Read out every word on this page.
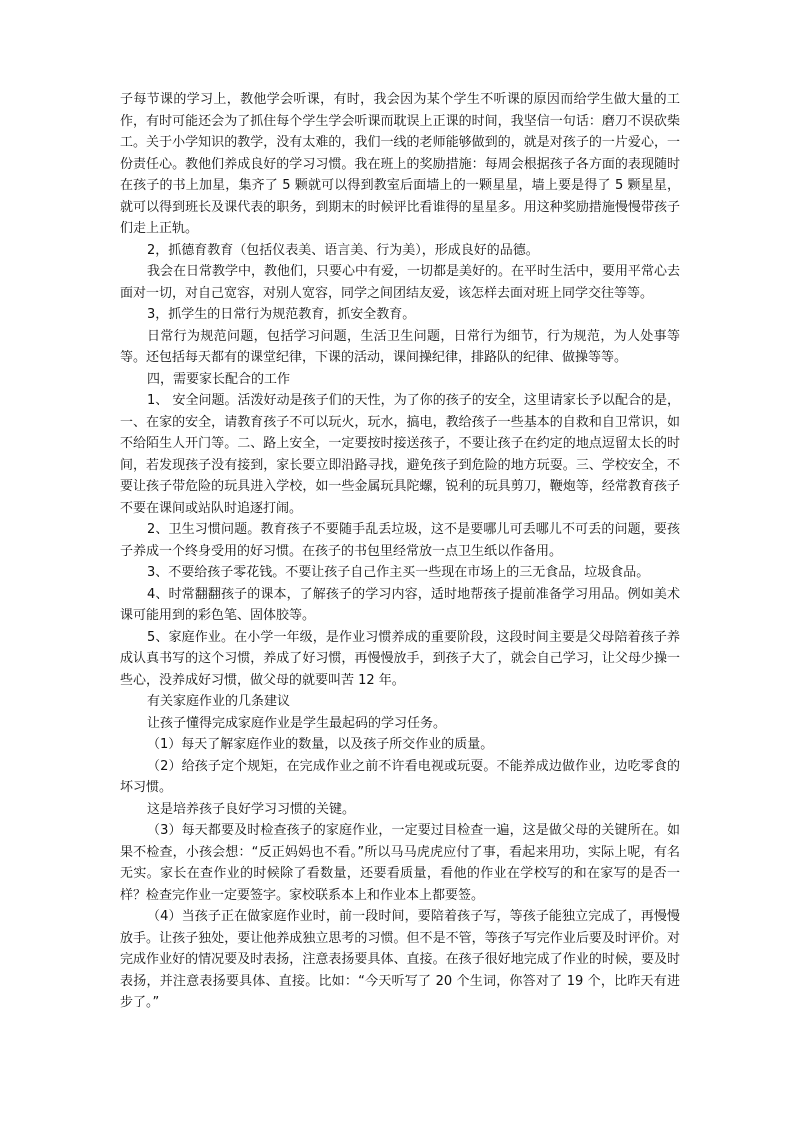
子每节课的学习上，教他学会听课，有时，我会因为某个学生不听课的原因而给学生做大量的工作，有时可能还会为了抓住每个学生学会听课而耽误上正课的时间，我坚信一句话：磨刀不误砍柴工。关于小学知识的教学，没有太难的，我们一线的老师能够做到的，就是对孩子的一片爱心，一份责任心。教他们养成良好的学习习惯。我在班上的奖励措施：每周会根据孩子各方面的表现随时在孩子的书上加星，集齐了 5 颗就可以得到教室后面墙上的一颗星星，墙上要是得了 5 颗星星，就可以得到班长及课代表的职务，到期末的时候评比看谁得的星星多。用这种奖励措施慢慢带孩子们走上正轨。

2，抓德育教育（包括仪表美、语言美、行为美），形成良好的品德。

我会在日常教学中，教他们，只要心中有爱，一切都是美好的。在平时生活中，要用平常心去面对一切，对自己宽容，对别人宽容，同学之间团结友爱，该怎样去面对班上同学交往等等。

3，抓学生的日常行为规范教育，抓安全教育。

日常行为规范问题，包括学习问题，生活卫生问题，日常行为细节，行为规范，为人处事等等。还包括每天都有的课堂纪律，下课的活动，课间操纪律，排路队的纪律、做操等等。

四，需要家长配合的工作

1、 安全问题。活泼好动是孩子们的天性，为了你的孩子的安全，这里请家长予以配合的是，一、在家的安全，请教育孩子不可以玩火，玩水，搞电，教给孩子一些基本的自救和自卫常识，如不给陌生人开门等。二、路上安全，一定要按时接送孩子，不要让孩子在约定的地点逗留太长的时间，若发现孩子没有接到，家长要立即沿路寻找，避免孩子到危险的地方玩耍。三、学校安全，不要让孩子带危险的玩具进入学校，如一些金属玩具陀螺，锐利的玩具剪刀，鞭炮等，经常教育孩子不要在课间或站队时追逐打闹。

2、卫生习惯问题。教育孩子不要随手乱丢垃圾，这不是要哪儿可丢哪儿不可丢的问题，要孩子养成一个终身受用的好习惯。在孩子的书包里经常放一点卫生纸以作备用。

3、不要给孩子零花钱。不要让孩子自己作主买一些现在市场上的三无食品，垃圾食品。

4、时常翻翻孩子的课本，了解孩子的学习内容，适时地帮孩子提前准备学习用品。例如美术课可能用到的彩色笔、固体胶等。

5、家庭作业。在小学一年级，是作业习惯养成的重要阶段，这段时间主要是父母陪着孩子养成认真书写的这个习惯，养成了好习惯，再慢慢放手，到孩子大了，就会自己学习，让父母少操一些心，没养成好习惯，做父母的就要叫苦 12 年。

有关家庭作业的几条建议

让孩子懂得完成家庭作业是学生最起码的学习任务。

（1）每天了解家庭作业的数量，以及孩子所交作业的质量。

（2）给孩子定个规矩，在完成作业之前不许看电视或玩耍。不能养成边做作业，边吃零食的坏习惯。

这是培养孩子良好学习习惯的关键。

（3）每天都要及时检查孩子的家庭作业，一定要过目检查一遍，这是做父母的关键所在。如果不检查，小孩会想：“反正妈妈也不看。”所以马马虎虎应付了事，看起来用功，实际上呢，有名无实。家长在查作业的时候除了看数量，还要看质量，看他的作业在学校写的和在家写的是否一样？检查完作业一定要签字。家校联系本上和作业本上都要签。

（4）当孩子正在做家庭作业时，前一段时间，要陪着孩子写，等孩子能独立完成了，再慢慢放手。让孩子独处，要让他养成独立思考的习惯。但不是不管，等孩子写完作业后要及时评价。对完成作业好的情况要及时表扬，注意表扬要具体、直接。在孩子很好地完成了作业的时候，要及时表扬，并注意表扬要具体、直接。比如：“今天听写了 20 个生词，你答对了 19 个，比昨天有进步了。”
